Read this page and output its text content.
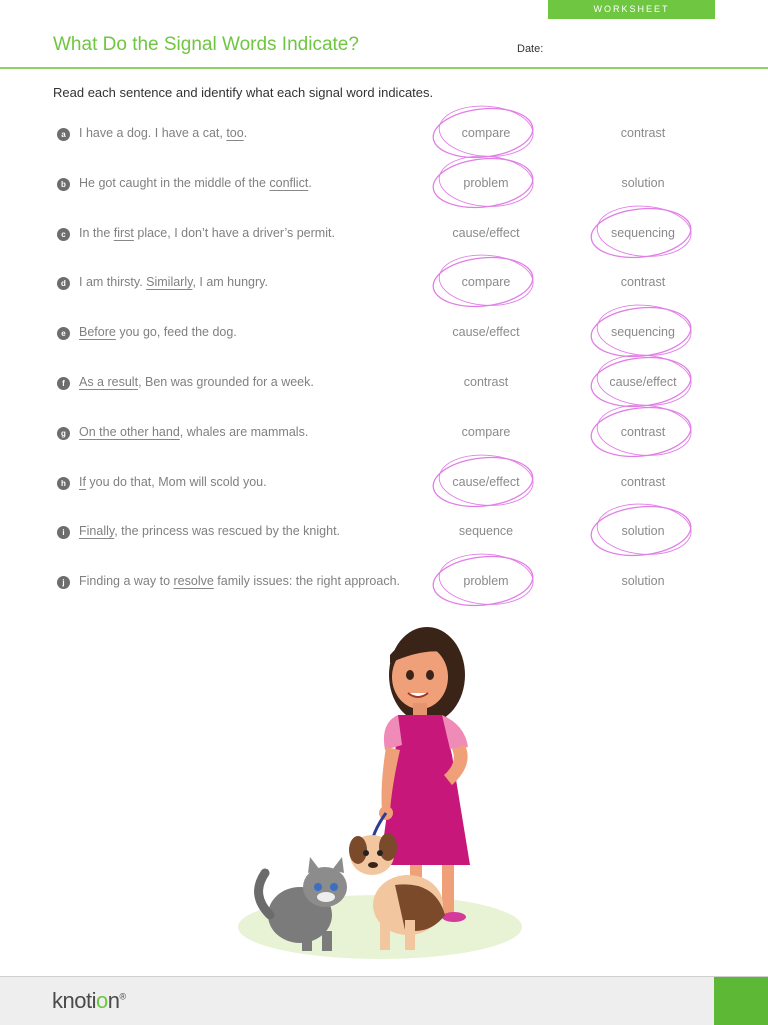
WORKSHEET
What Do the Signal Words Indicate?	Date:
Read each sentence and identify what each signal word indicates.
a	I have a dog. I have a cat, too.	compare	contrast
b	He got caught in the middle of the conflict.	problem	solution
c	In the first place, I don’t have a driver’s permit.	cause/effect	sequencing
d	I am thirsty. Similarly, I am hungry.	compare	contrast
e	Before you go, feed the dog.	cause/effect	sequencing
f	As a result, Ben was grounded for a week.	contrast	cause/effect
g	On the other hand, whales are mammals.	compare	contrast
h	If you do that, Mom will scold you.	cause/effect	contrast
i	Finally, the princess was rescued by the knight.	sequence	solution
j	Finding a way to resolve family issues: the right approach.	problem	solution
knotion®
